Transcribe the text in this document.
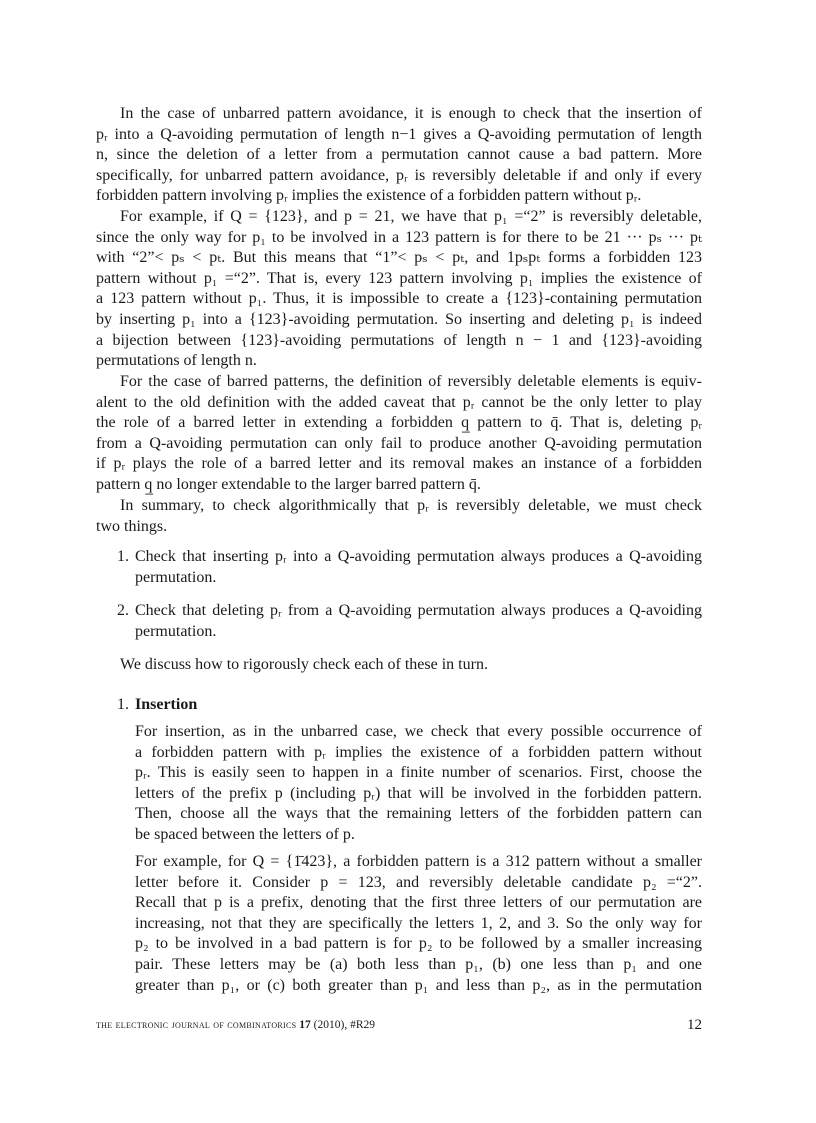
In the case of unbarred pattern avoidance, it is enough to check that the insertion of
pᵣ into a Q-avoiding permutation of length n−1 gives a Q-avoiding permutation of length
n, since the deletion of a letter from a permutation cannot cause a bad pattern. More
specifically, for unbarred pattern avoidance, pᵣ is reversibly deletable if and only if every
forbidden pattern involving pᵣ implies the existence of a forbidden pattern without pᵣ.
For example, if Q = {123}, and p = 21, we have that p₁ =“2” is reversibly deletable,
since the only way for p₁ to be involved in a 123 pattern is for there to be 21 ··· pₛ ··· pₜ
with “2”< pₛ < pₜ. But this means that “1”< pₛ < pₜ, and 1pₛpₜ forms a forbidden 123
pattern without p₁ =“2”. That is, every 123 pattern involving p₁ implies the existence of
a 123 pattern without p₁. Thus, it is impossible to create a {123}-containing permutation
by inserting p₁ into a {123}-avoiding permutation. So inserting and deleting p₁ is indeed
a bijection between {123}-avoiding permutations of length n − 1 and {123}-avoiding
permutations of length n.
For the case of barred patterns, the definition of reversibly deletable elements is equiv-
alent to the old definition with the added caveat that pᵣ cannot be the only letter to play
the role of a barred letter in extending a forbidden q̲ pattern to q̄. That is, deleting pᵣ
from a Q-avoiding permutation can only fail to produce another Q-avoiding permutation
if pᵣ plays the role of a barred letter and its removal makes an instance of a forbidden
pattern q̲ no longer extendable to the larger barred pattern q̄.
In summary, to check algorithmically that pᵣ is reversibly deletable, we must check
two things.
1. Check that inserting pᵣ into a Q-avoiding permutation always produces a Q-avoiding
permutation.
2. Check that deleting pᵣ from a Q-avoiding permutation always produces a Q-avoiding
permutation.
We discuss how to rigorously check each of these in turn.
1. Insertion
For insertion, as in the unbarred case, we check that every possible occurrence of
a forbidden pattern with pᵣ implies the existence of a forbidden pattern without
pᵣ. This is easily seen to happen in a finite number of scenarios. First, choose the
letters of the prefix p (including pᵣ) that will be involved in the forbidden pattern.
Then, choose all the ways that the remaining letters of the forbidden pattern can
be spaced between the letters of p.
For example, for Q = {1̄423}, a forbidden pattern is a 312 pattern without a smaller
letter before it. Consider p = 123, and reversibly deletable candidate p₂ =“2”.
Recall that p is a prefix, denoting that the first three letters of our permutation are
increasing, not that they are specifically the letters 1, 2, and 3. So the only way for
p₂ to be involved in a bad pattern is for p₂ to be followed by a smaller increasing
pair. These letters may be (a) both less than p₁, (b) one less than p₁ and one
greater than p₁, or (c) both greater than p₁ and less than p₂, as in the permutation
the electronic journal of combinatorics 17 (2010), #R29	12
